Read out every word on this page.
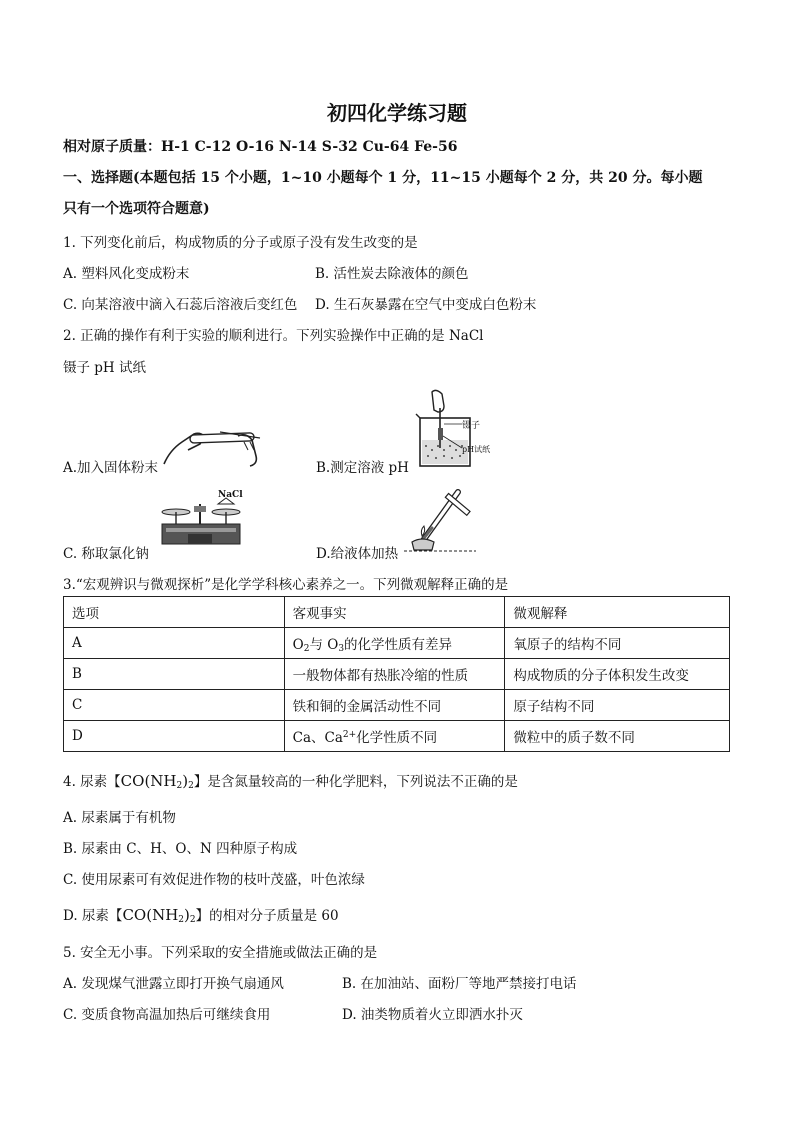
初四化学练习题
相对原子质量：H-1 C-12 O-16 N-14 S-32 Cu-64 Fe-56
一、选择题(本题包括 15 个小题，1~10 小题每个 1 分，11~15 小题每个 2 分，共 20 分。每小题
只有一个选项符合题意)
1. 下列变化前后，构成物质的分子或原子没有发生改变的是
A. 塑料风化变成粉末	B. 活性炭去除液体的颜色
C. 向某溶液中滴入石蕊后溶液后变红色 D. 生石灰暴露在空气中变成白色粉末
2. 正确的操作有利于实验的顺利进行。下列实验操作中正确的是 NaCl
镊子 pH 试纸
A.加入固体粉末
镊子
pH试纸
B.测定溶液 pH
NaCl
C. 称取氯化钠	D.给液体加热
3.“宏观辨识与微观探析”是化学学科核心素养之一。下列微观解释正确的是
选项	客观事实	微观解释
A	$O_2$与 $O_3$的化学性质有差异	氧原子的结构不同
B	一般物体都有热胀冷缩的性质	构成物质的分子体积发生改变
C	铁和铜的金属活动性不同	原子结构不同
D	Ca、$Ca^{2+}$化学性质不同	微粒中的质子数不同
4. 尿素【$CO(NH_2)_2$】是含氮量较高的一种化学肥料，下列说法不正确的是
A. 尿素属于有机物
B. 尿素由 C、H、O、N 四种原子构成
C. 使用尿素可有效促进作物的枝叶茂盛，叶色浓绿
D. 尿素【$CO(NH_2)_2$】的相对分子质量是 60
5. 安全无小事。下列采取的安全措施或做法正确的是
A. 发现煤气泄露立即打开换气扇通风	B. 在加油站、面粉厂等地严禁接打电话
C. 变质食物高温加热后可继续食用	D. 油类物质着火立即洒水扑灭
